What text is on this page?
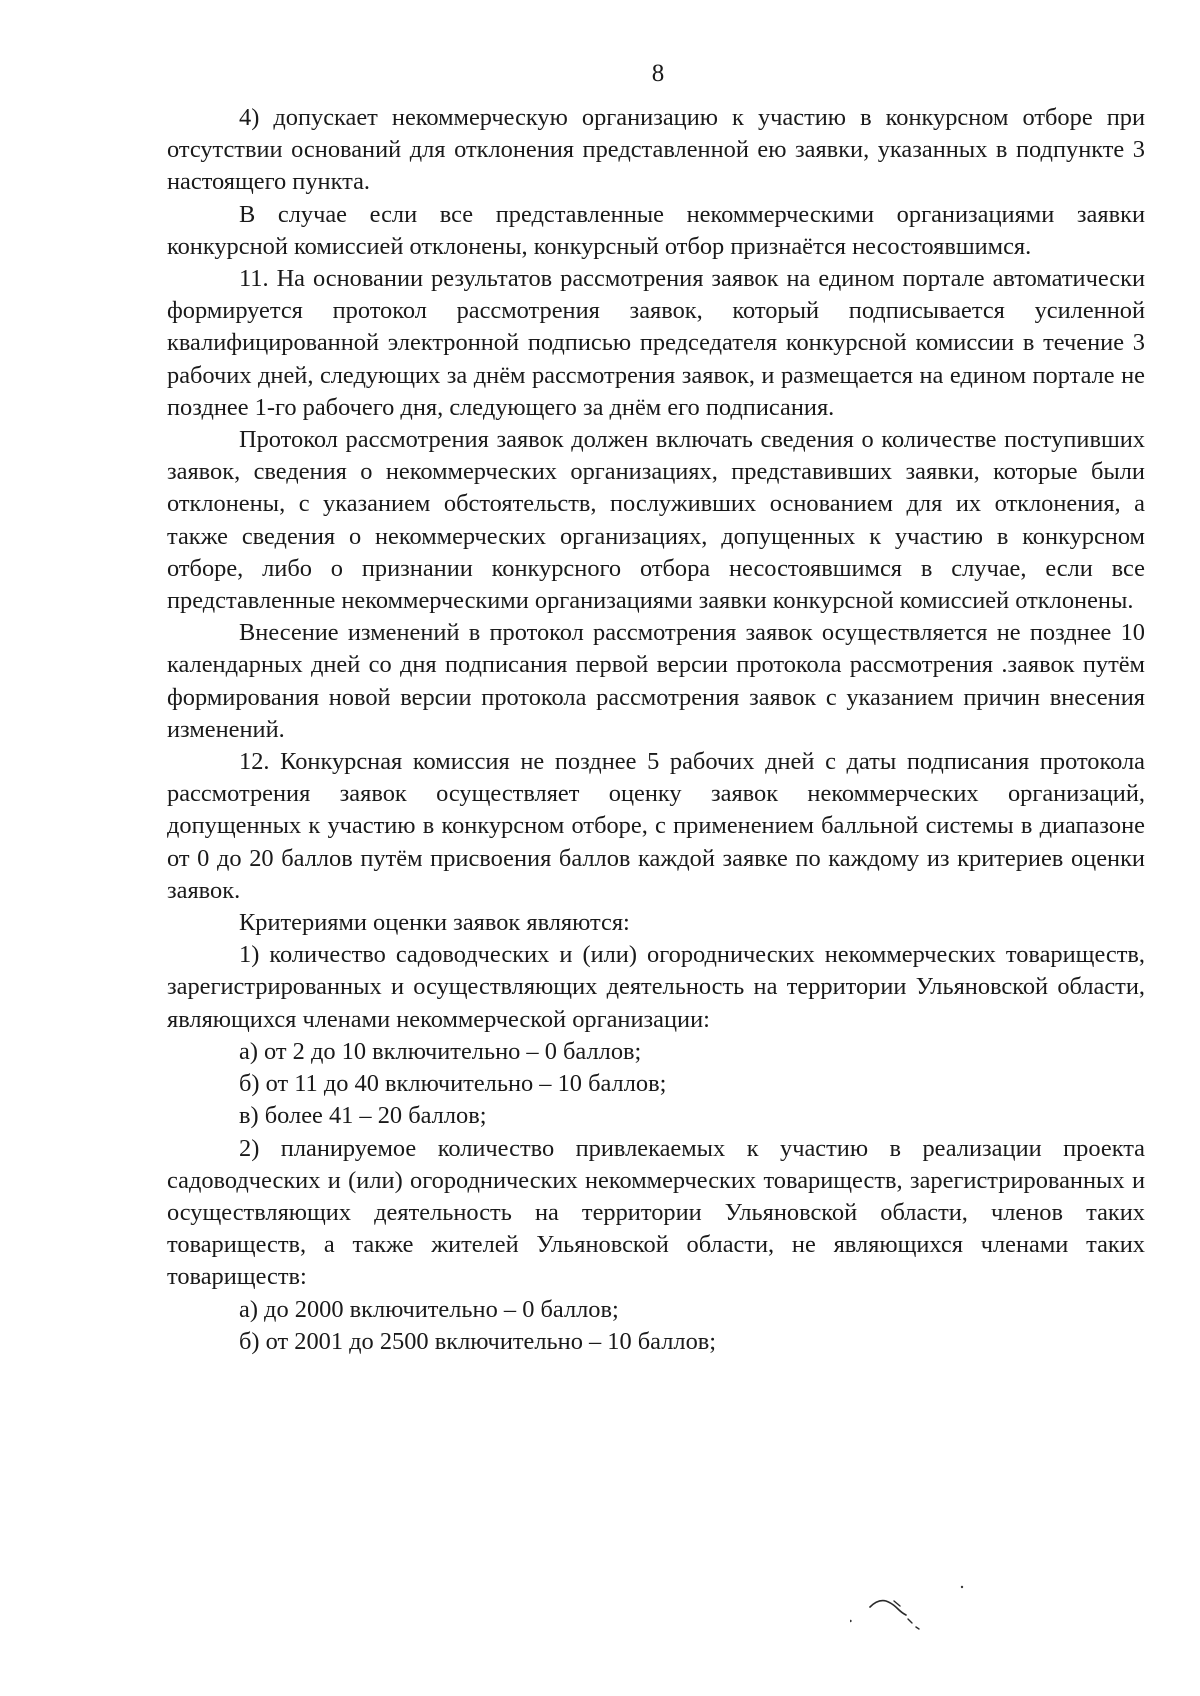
8

4) допускает некоммерческую организацию к участию в конкурсном отборе при отсутствии оснований для отклонения представленной ею заявки, указанных в подпункте 3 настоящего пункта.

В случае если все представленные некоммерческими организациями заявки конкурсной комиссией отклонены, конкурсный отбор признаётся несостоявшимся.

11. На основании результатов рассмотрения заявок на едином портале автоматически формируется протокол рассмотрения заявок, который подписывается усиленной квалифицированной электронной подписью председателя конкурсной комиссии в течение 3 рабочих дней, следующих за днём рассмотрения заявок, и размещается на едином портале не позднее 1-го рабочего дня, следующего за днём его подписания.

Протокол рассмотрения заявок должен включать сведения о количестве поступивших заявок, сведения о некоммерческих организациях, представивших заявки, которые были отклонены, с указанием обстоятельств, послуживших основанием для их отклонения, а также сведения о некоммерческих организациях, допущенных к участию в конкурсном отборе, либо о признании конкурсного отбора несостоявшимся в случае, если все представленные некоммерческими организациями заявки конкурсной комиссией отклонены.

Внесение изменений в протокол рассмотрения заявок осуществляется не позднее 10 календарных дней со дня подписания первой версии протокола рассмотрения .заявок путём формирования новой версии протокола рассмотрения заявок с указанием причин внесения изменений.

12. Конкурсная комиссия не позднее 5 рабочих дней с даты подписания протокола рассмотрения заявок осуществляет оценку заявок некоммерческих организаций, допущенных к участию в конкурсном отборе, с применением балльной системы в диапазоне от 0 до 20 баллов путём присвоения баллов каждой заявке по каждому из критериев оценки заявок.

Критериями оценки заявок являются:

1) количество садоводческих и (или) огороднических некоммерческих товариществ, зарегистрированных и осуществляющих деятельность на территории Ульяновской области, являющихся членами некоммерческой организации:

а) от 2 до 10 включительно – 0 баллов;

б) от 11 до 40 включительно – 10 баллов;

в) более 41 – 20 баллов;

2) планируемое количество привлекаемых к участию в реализации проекта садоводческих и (или) огороднических некоммерческих товариществ, зарегистрированных и осуществляющих деятельность на территории Ульяновской области, членов таких товариществ, а также жителей Ульяновской области, не являющихся членами таких товариществ:

а) до 2000 включительно – 0 баллов;

б) от 2001 до 2500 включительно – 10 баллов;
